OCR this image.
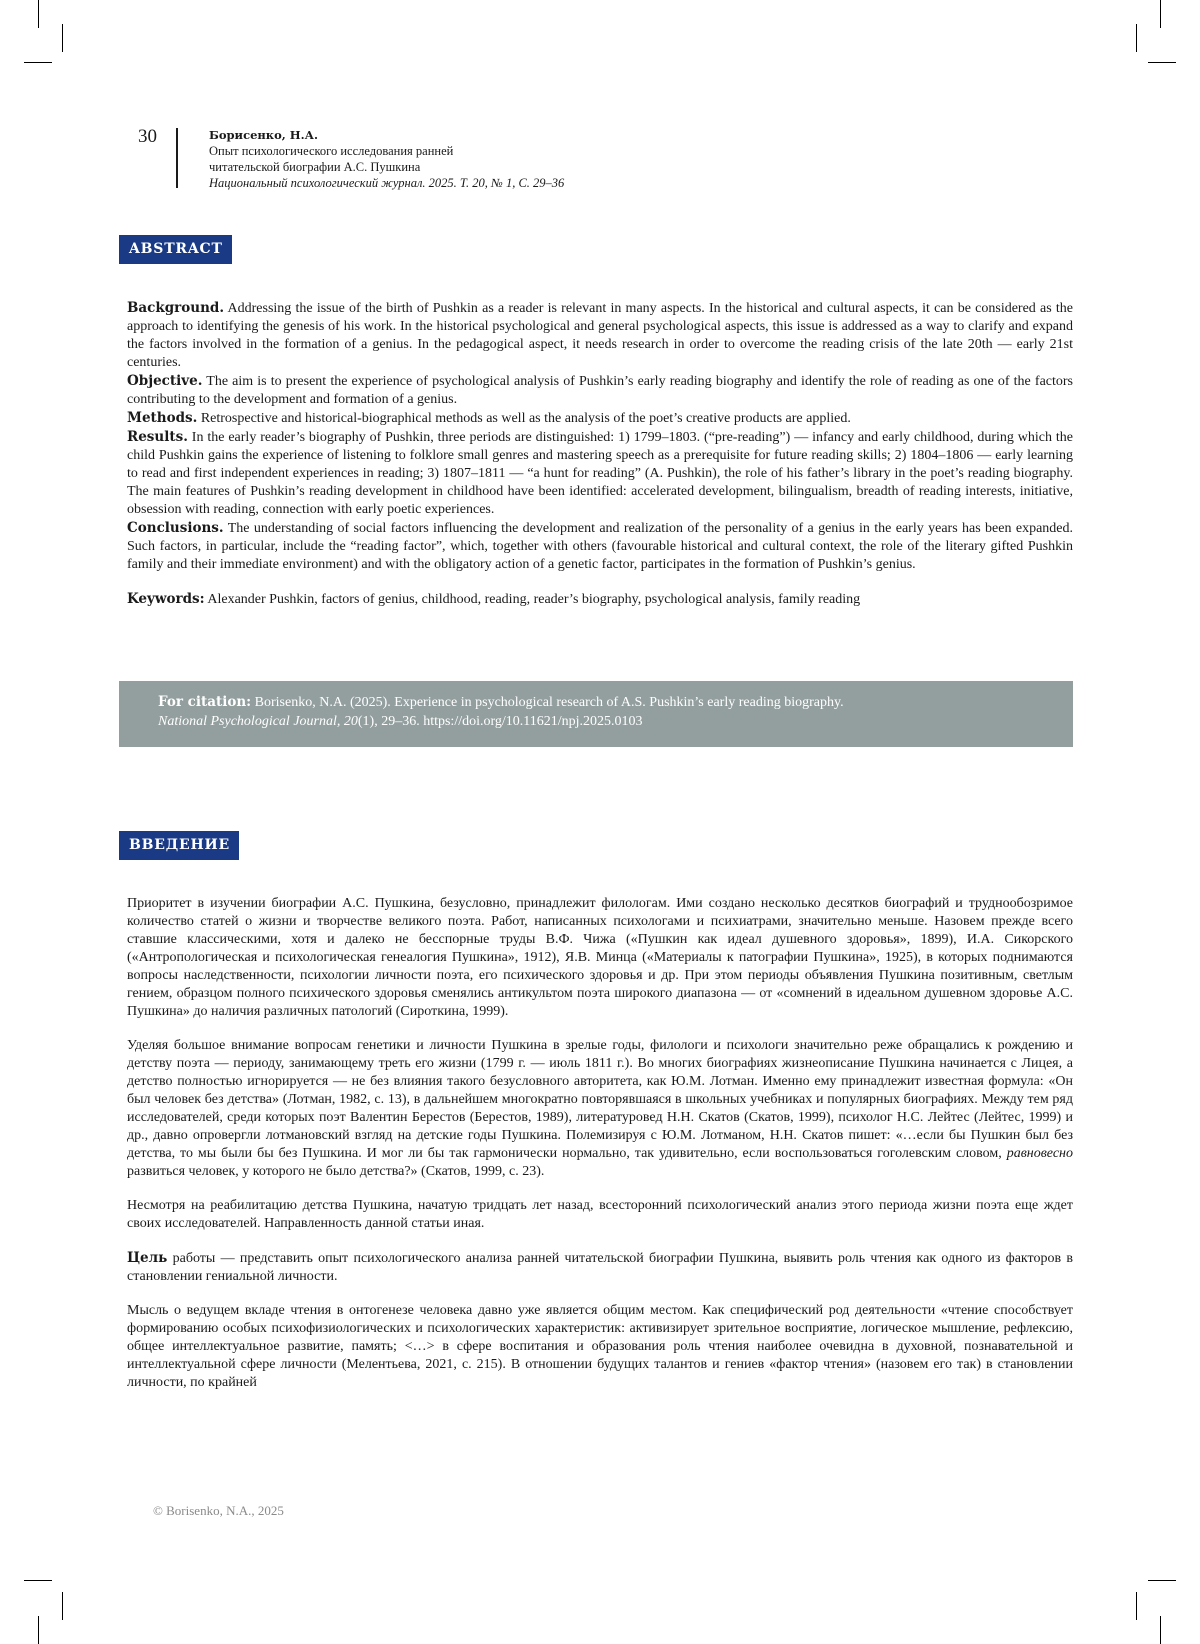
30	Борисенко, Н.А.
Опыт психологического исследования ранней
читательской биографии А.С. Пушкина
Национальный психологический журнал. 2025. Т. 20, № 1, С. 29–36
ABSTRACT

Background. Addressing the issue of the birth of Pushkin as a reader is relevant in many aspects. In the historical and cultural aspects, it can be considered as the approach to identifying the genesis of his work. In the historical psychological and general psychological aspects, this issue is addressed as a way to clarify and expand the factors involved in the formation of a genius. In the pedagogical aspect, it needs research in order to overcome the reading crisis of the late 20th — early 21st centuries.

Objective. The aim is to present the experience of psychological analysis of Pushkin’s early reading biography and identify the role of reading as one of the factors contributing to the development and formation of a genius.

Methods. Retrospective and historical-biographical methods as well as the analysis of the poet’s creative products are applied.

Results. In the early reader’s biography of Pushkin, three periods are distinguished: 1) 1799–1803. (“pre-reading”) — infancy and early childhood, during which the child Pushkin gains the experience of listening to folklore small genres and mastering speech as a prerequisite for future reading skills; 2) 1804–1806 — early learning to read and first independent experiences in reading; 3) 1807–1811 — “a hunt for reading” (A. Pushkin), the role of his father’s library in the poet’s reading biography. The main features of Pushkin’s reading development in childhood have been identified: accelerated development, bilingualism, breadth of reading interests, initiative, obsession with reading, connection with early poetic experiences.

Conclusions. The understanding of social factors influencing the development and realization of the personality of a genius in the early years has been expanded. Such factors, in particular, include the “reading factor”, which, together with others (favourable historical and cultural context, the role of the literary gifted Pushkin family and their immediate environment) and with the obligatory action of a genetic factor, participates in the formation of Pushkin’s genius.

Keywords: Alexander Pushkin, factors of genius, childhood, reading, reader’s biography, psychological analysis, family reading

For citation: Borisenko, N.A. (2025). Experience in psychological research of A.S. Pushkin’s early reading biography.
National Psychological Journal, 20(1), 29–36. https://doi.org/10.11621/npj.2025.0103
ВВЕДЕНИЕ

Приоритет в изучении биографии А.С. Пушкина, безусловно, принадлежит филологам. Ими создано несколько десятков биографий и труднообозримое количество статей о жизни и творчестве великого поэта. Работ, написанных психологами и психиатрами, значительно меньше. Назовем прежде всего ставшие классическими, хотя и далеко не бесспорные труды В.Ф. Чижа («Пушкин как идеал душевного здоровья», 1899), И.А. Сикорского («Антропологическая и психологическая генеалогия Пушкина», 1912), Я.В. Минца («Материалы к патографии Пушкина», 1925), в которых поднимаются вопросы наследственности, психологии личности поэта, его психического здоровья и др. При этом периоды объявления Пушкина позитивным, светлым гением, образцом полного психического здоровья сменялись антикультом поэта широкого диапазона — от «сомнений в идеальном душевном здоровье А.С. Пушкина» до наличия различных патологий (Сироткина, 1999).

Уделяя большое внимание вопросам генетики и личности Пушкина в зрелые годы, филологи и психологи значительно реже обращались к рождению и детству поэта — периоду, занимающему треть его жизни (1799 г. — июль 1811 г.). Во многих биографиях жизнеописание Пушкина начинается с Лицея, а детство полностью игнорируется — не без влияния такого безусловного авторитета, как Ю.М. Лотман. Именно ему принадлежит известная формула: «Он был человек без детства» (Лотман, 1982, с. 13), в дальнейшем многократно повторявшаяся в школьных учебниках и популярных биографиях. Между тем ряд исследователей, среди которых поэт Валентин Берестов (Берестов, 1989), литературовед Н.Н. Скатов (Скатов, 1999), психолог Н.С. Лейтес (Лейтес, 1999) и др., давно опровергли лотмановский взгляд на детские годы Пушкина. Полемизируя с Ю.М. Лотманом, Н.Н. Скатов пишет: «…если бы Пушкин был без детства, то мы были бы без Пушкина. И мог ли бы так гармонически нормально, так удивительно, если воспользоваться гоголевским словом, равновесно развиться человек, у которого не было детства?» (Скатов, 1999, с. 23).

Несмотря на реабилитацию детства Пушкина, начатую тридцать лет назад, всесторонний психологический анализ этого периода жизни поэта еще ждет своих исследователей. Направленность данной статьи иная.

Цель работы — представить опыт психологического анализа ранней читательской биографии Пушкина, выявить роль чтения как одного из факторов в становлении гениальной личности.

Мысль о ведущем вкладе чтения в онтогенезе человека давно уже является общим местом. Как специфический род деятельности «чтение способствует формированию особых психофизиологических и психологических характеристик: активизирует зрительное восприятие, логическое мышление, рефлексию, общее интеллектуальное развитие, память; <…> в сфере воспитания и образования роль чтения наиболее очевидна в духовной, познавательной и интеллектуальной сфере личности (Мелентьева, 2021, с. 215). В отношении будущих талантов и гениев «фактор чтения» (назовем его так) в становлении личности, по крайней

© Borisenko, N.A., 2025
